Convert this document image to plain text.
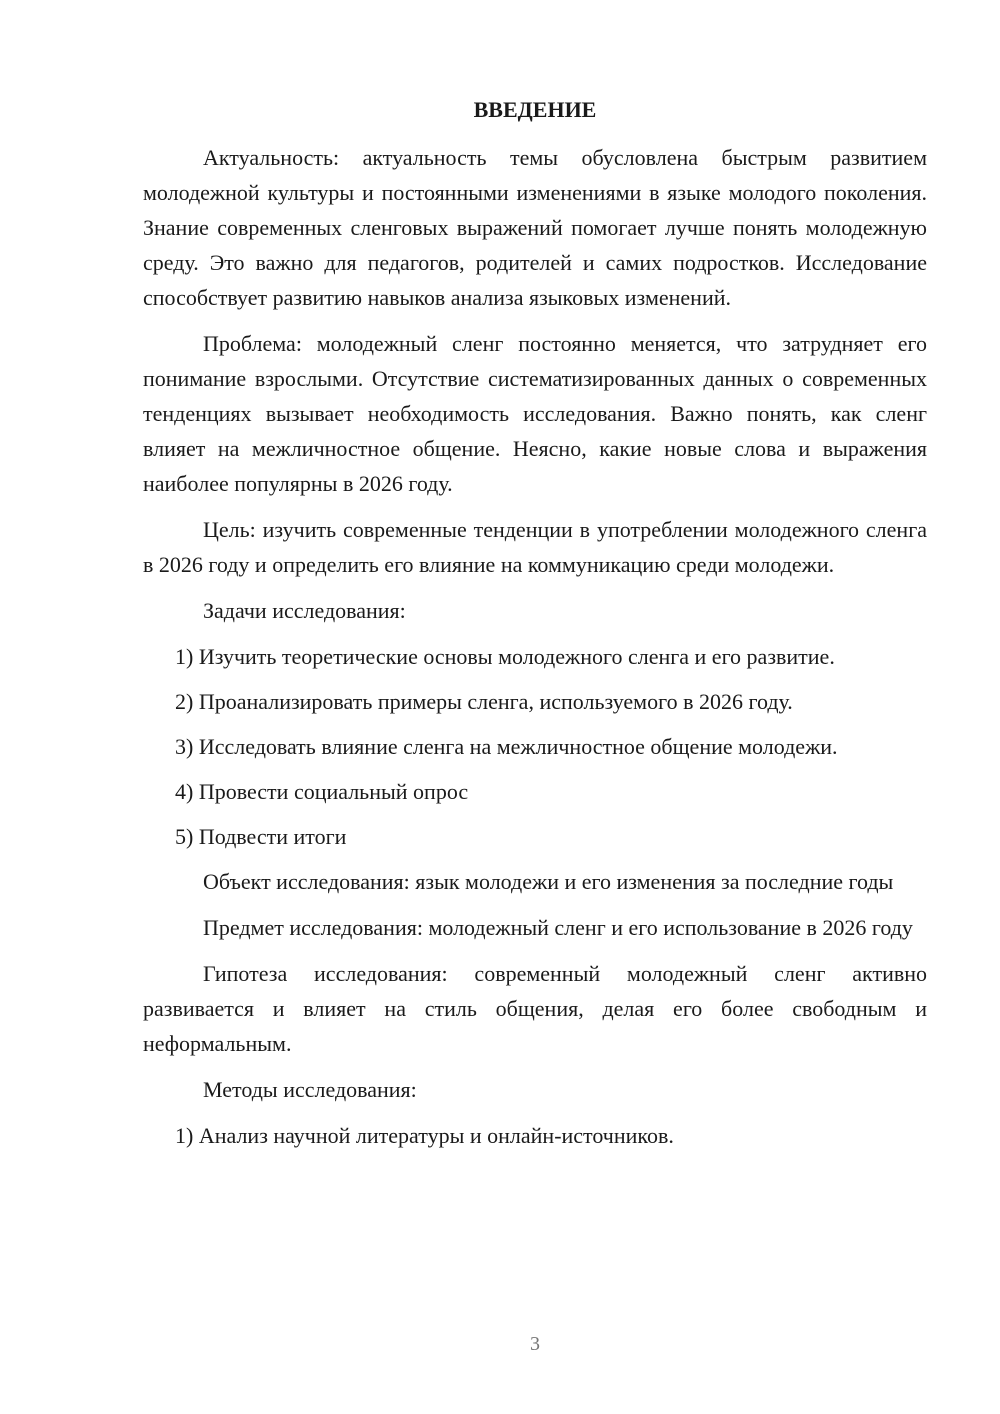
ВВЕДЕНИЕ

Актуальность: актуальность темы обусловлена быстрым развитием молодежной культуры и постоянными изменениями в языке молодого поколения. Знание современных сленговых выражений помогает лучше понять молодежную среду. Это важно для педагогов, родителей и самих подростков. Исследование способствует развитию навыков анализа языковых изменений.

Проблема: молодежный сленг постоянно меняется, что затрудняет его понимание взрослыми. Отсутствие систематизированных данных о современных тенденциях вызывает необходимость исследования. Важно понять, как сленг влияет на межличностное общение. Неясно, какие новые слова и выражения наиболее популярны в 2026 году.

Цель: изучить современные тенденции в употреблении молодежного сленга в 2026 году и определить его влияние на коммуникацию среди молодежи.

Задачи исследования:

1) Изучить теоретические основы молодежного сленга и его развитие.

2) Проанализировать примеры сленга, используемого в 2026 году.

3) Исследовать влияние сленга на межличностное общение молодежи.

4) Провести социальный опрос

5) Подвести итоги

Объект исследования: язык молодежи и его изменения за последние годы

Предмет исследования: молодежный сленг и его использование в 2026 году

Гипотеза исследования: современный молодежный сленг активно развивается и влияет на стиль общения, делая его более свободным и неформальным.

Методы исследования:

1) Анализ научной литературы и онлайн-источников.

3
